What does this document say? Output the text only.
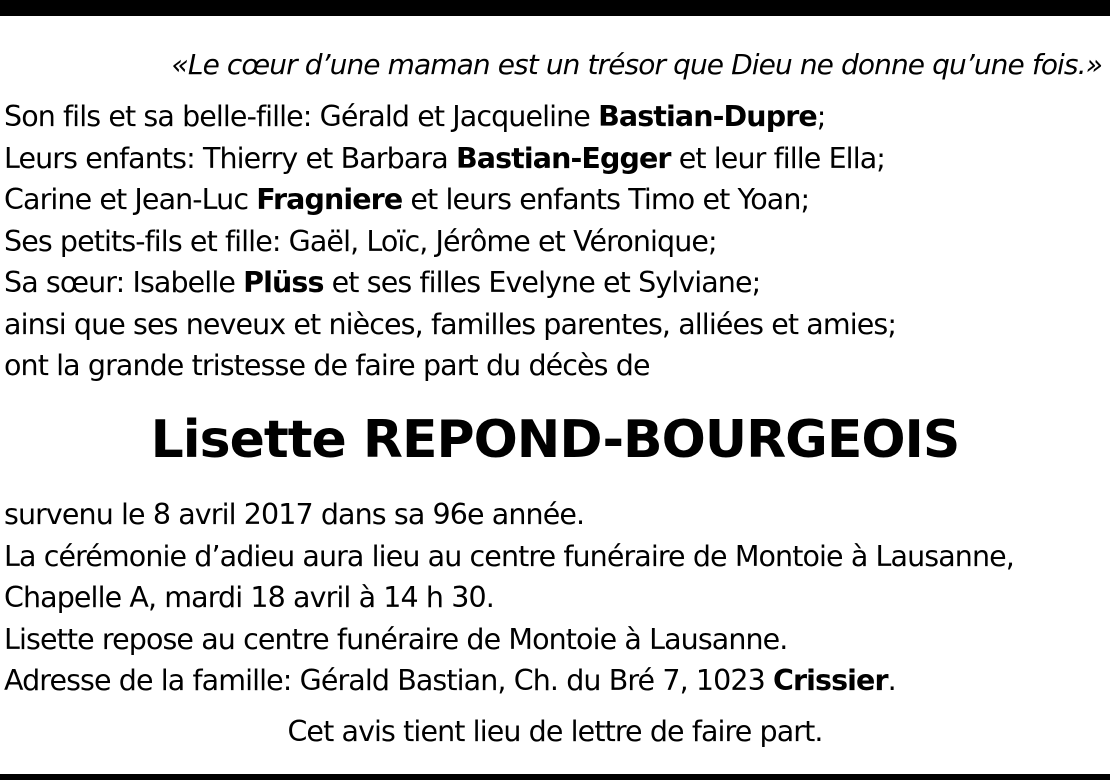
«Le cœur d’une maman est un trésor que Dieu ne donne qu’une fois.»
Son fils et sa belle-fille: Gérald et Jacqueline Bastian-Dupre;
Leurs enfants: Thierry et Barbara Bastian-Egger et leur fille Ella;
Carine et Jean-Luc Fragniere et leurs enfants Timo et Yoan;
Ses petits-fils et fille: Gaël, Loïc, Jérôme et Véronique;
Sa sœur: Isabelle Plüss et ses filles Evelyne et Sylviane;
ainsi que ses neveux et nièces, familles parentes, alliées et amies;
ont la grande tristesse de faire part du décès de
Lisette REPOND-BOURGEOIS
survenu le 8 avril 2017 dans sa 96e année.
La cérémonie d’adieu aura lieu au centre funéraire de Montoie à Lausanne,
Chapelle A, mardi 18 avril à 14 h 30.
Lisette repose au centre funéraire de Montoie à Lausanne.
Adresse de la famille: Gérald Bastian, Ch. du Bré 7, 1023 Crissier.
Cet avis tient lieu de lettre de faire part.
